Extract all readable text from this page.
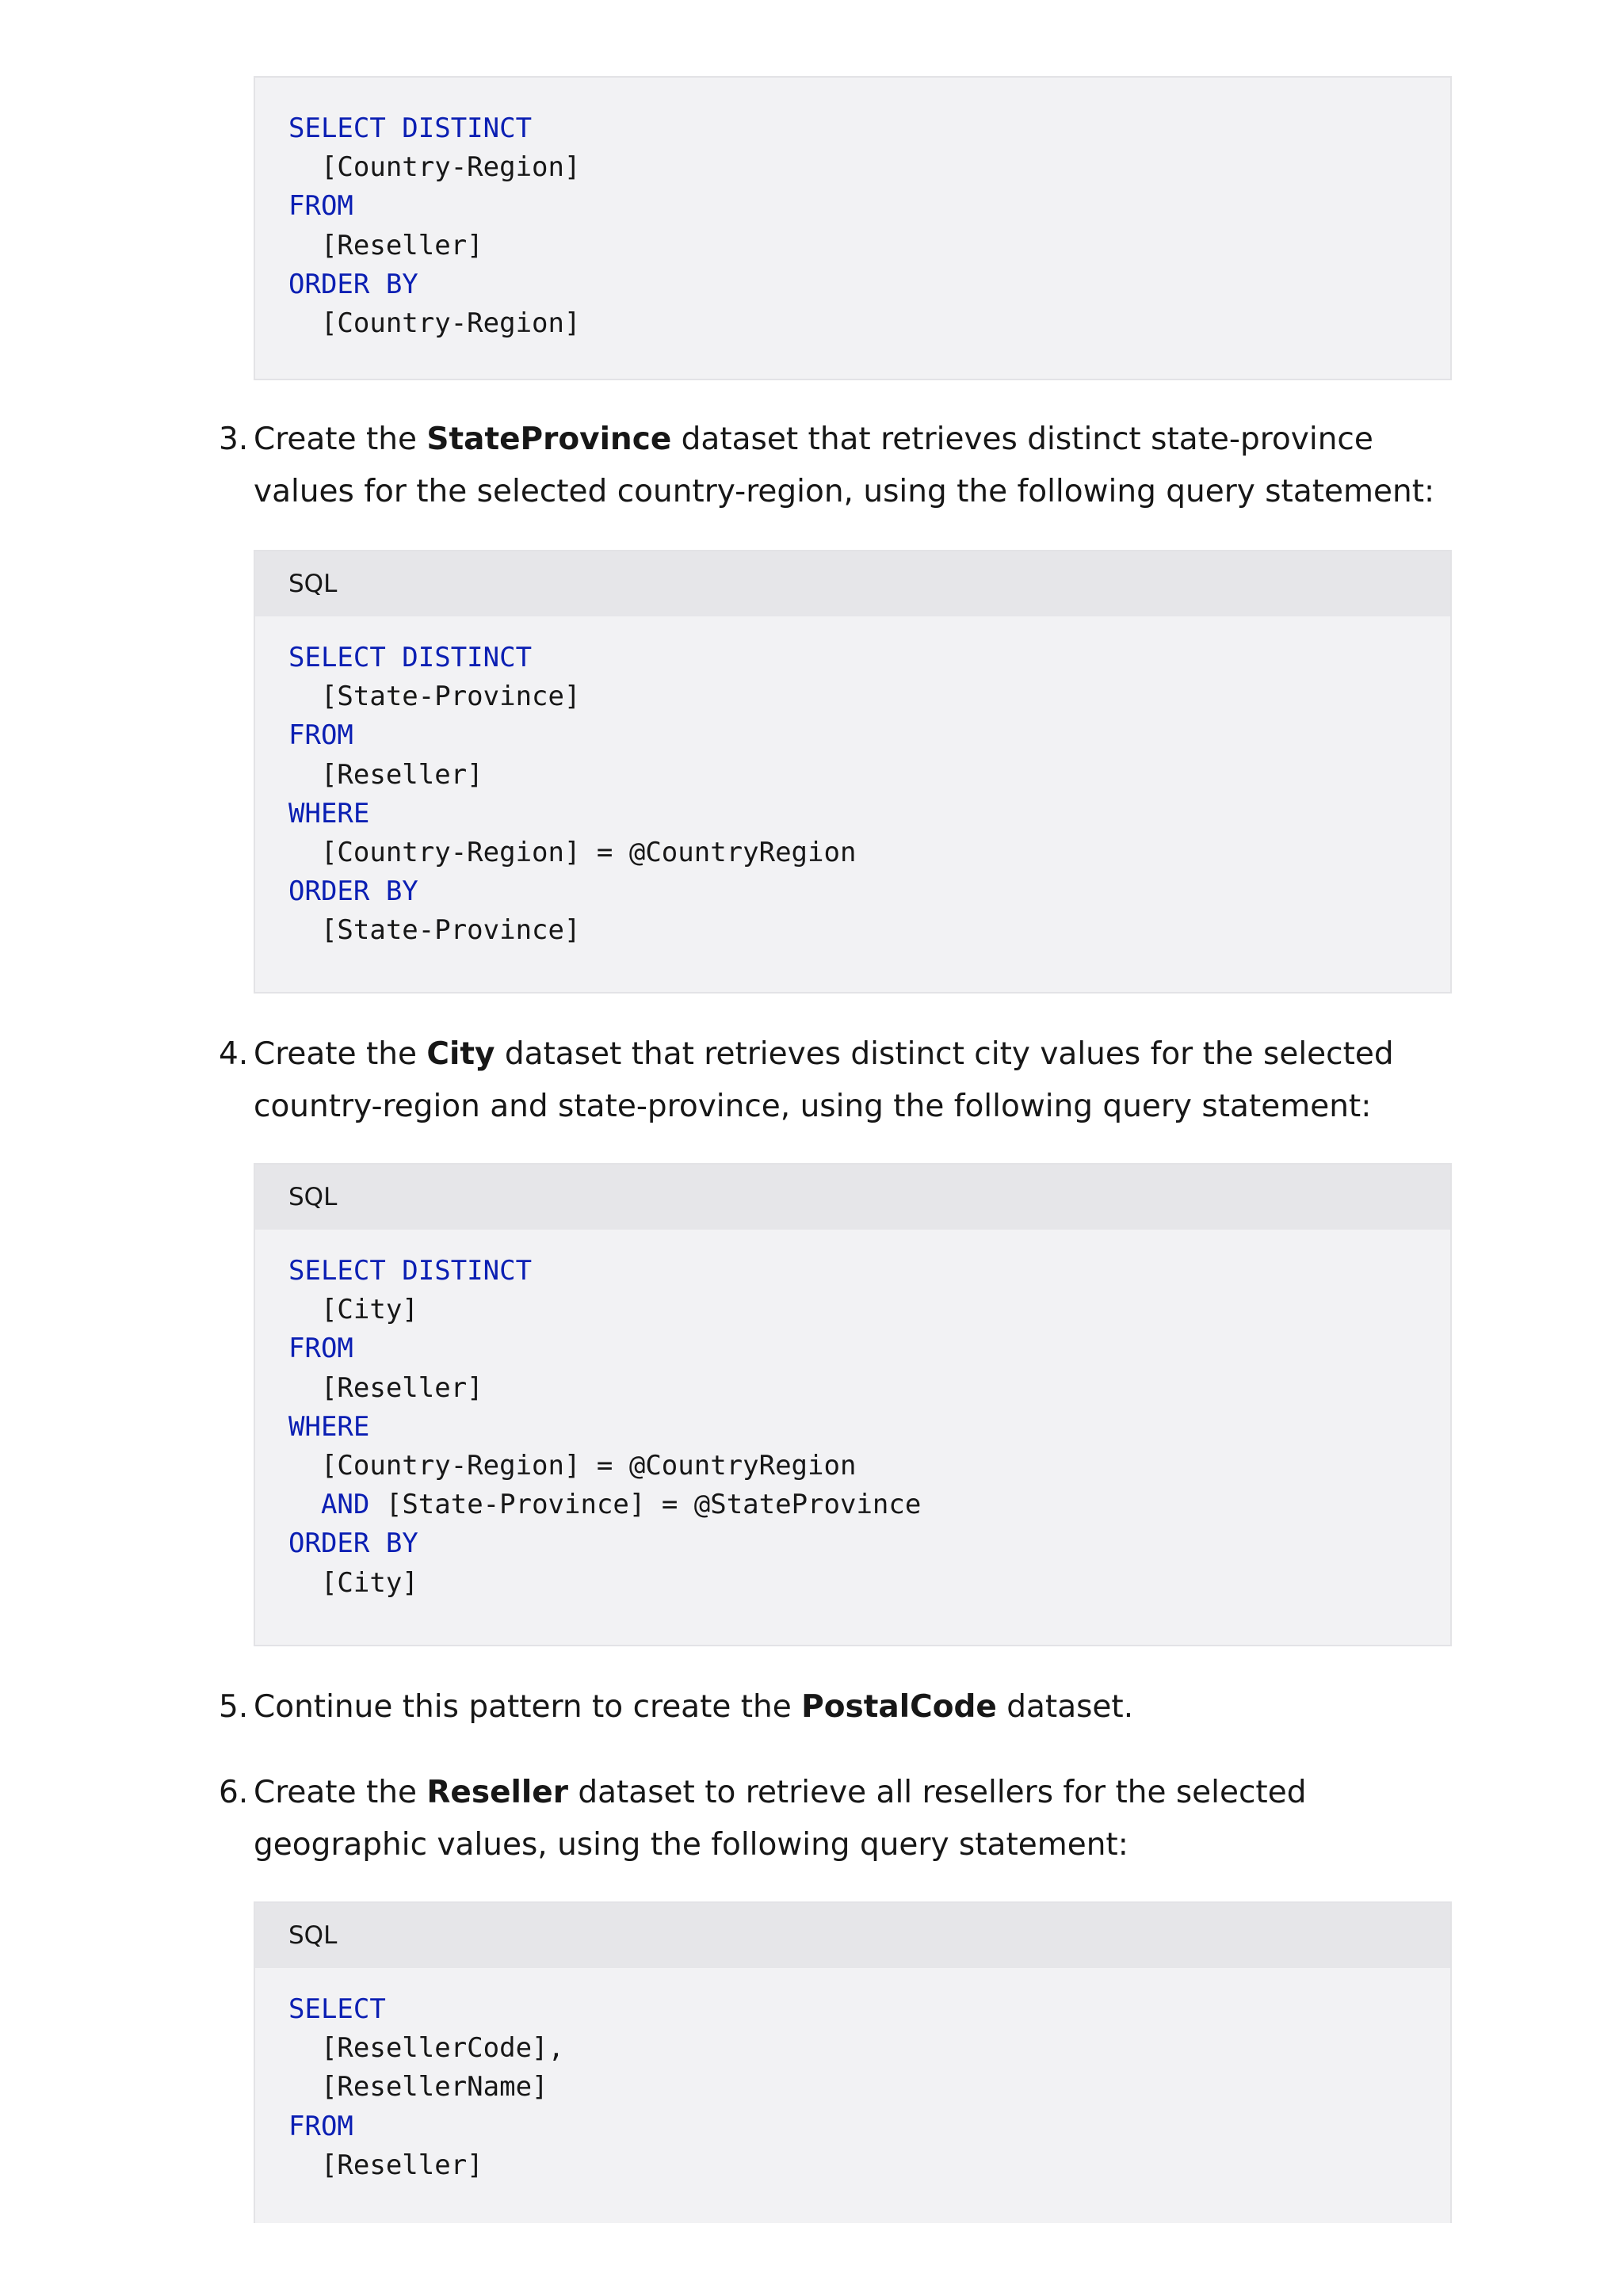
SELECT DISTINCT
[Country-Region]
FROM
[Reseller]
ORDER BY
[Country-Region]
3. Create the StateProvince dataset that retrieves distinct state-province values for the selected country-region, using the following query statement:
SQL
SELECT DISTINCT
[State-Province]
FROM
[Reseller]
WHERE
[Country-Region] = @CountryRegion
ORDER BY
[State-Province]
4. Create the City dataset that retrieves distinct city values for the selected country-region and state-province, using the following query statement:
SQL
SELECT DISTINCT
[City]
FROM
[Reseller]
WHERE
[Country-Region] = @CountryRegion
AND [State-Province] = @StateProvince
ORDER BY
[City]
5. Continue this pattern to create the PostalCode dataset.
6. Create the Reseller dataset to retrieve all resellers for the selected geographic values, using the following query statement:
SQL
SELECT
[ResellerCode],
[ResellerName]
FROM
[Reseller]
